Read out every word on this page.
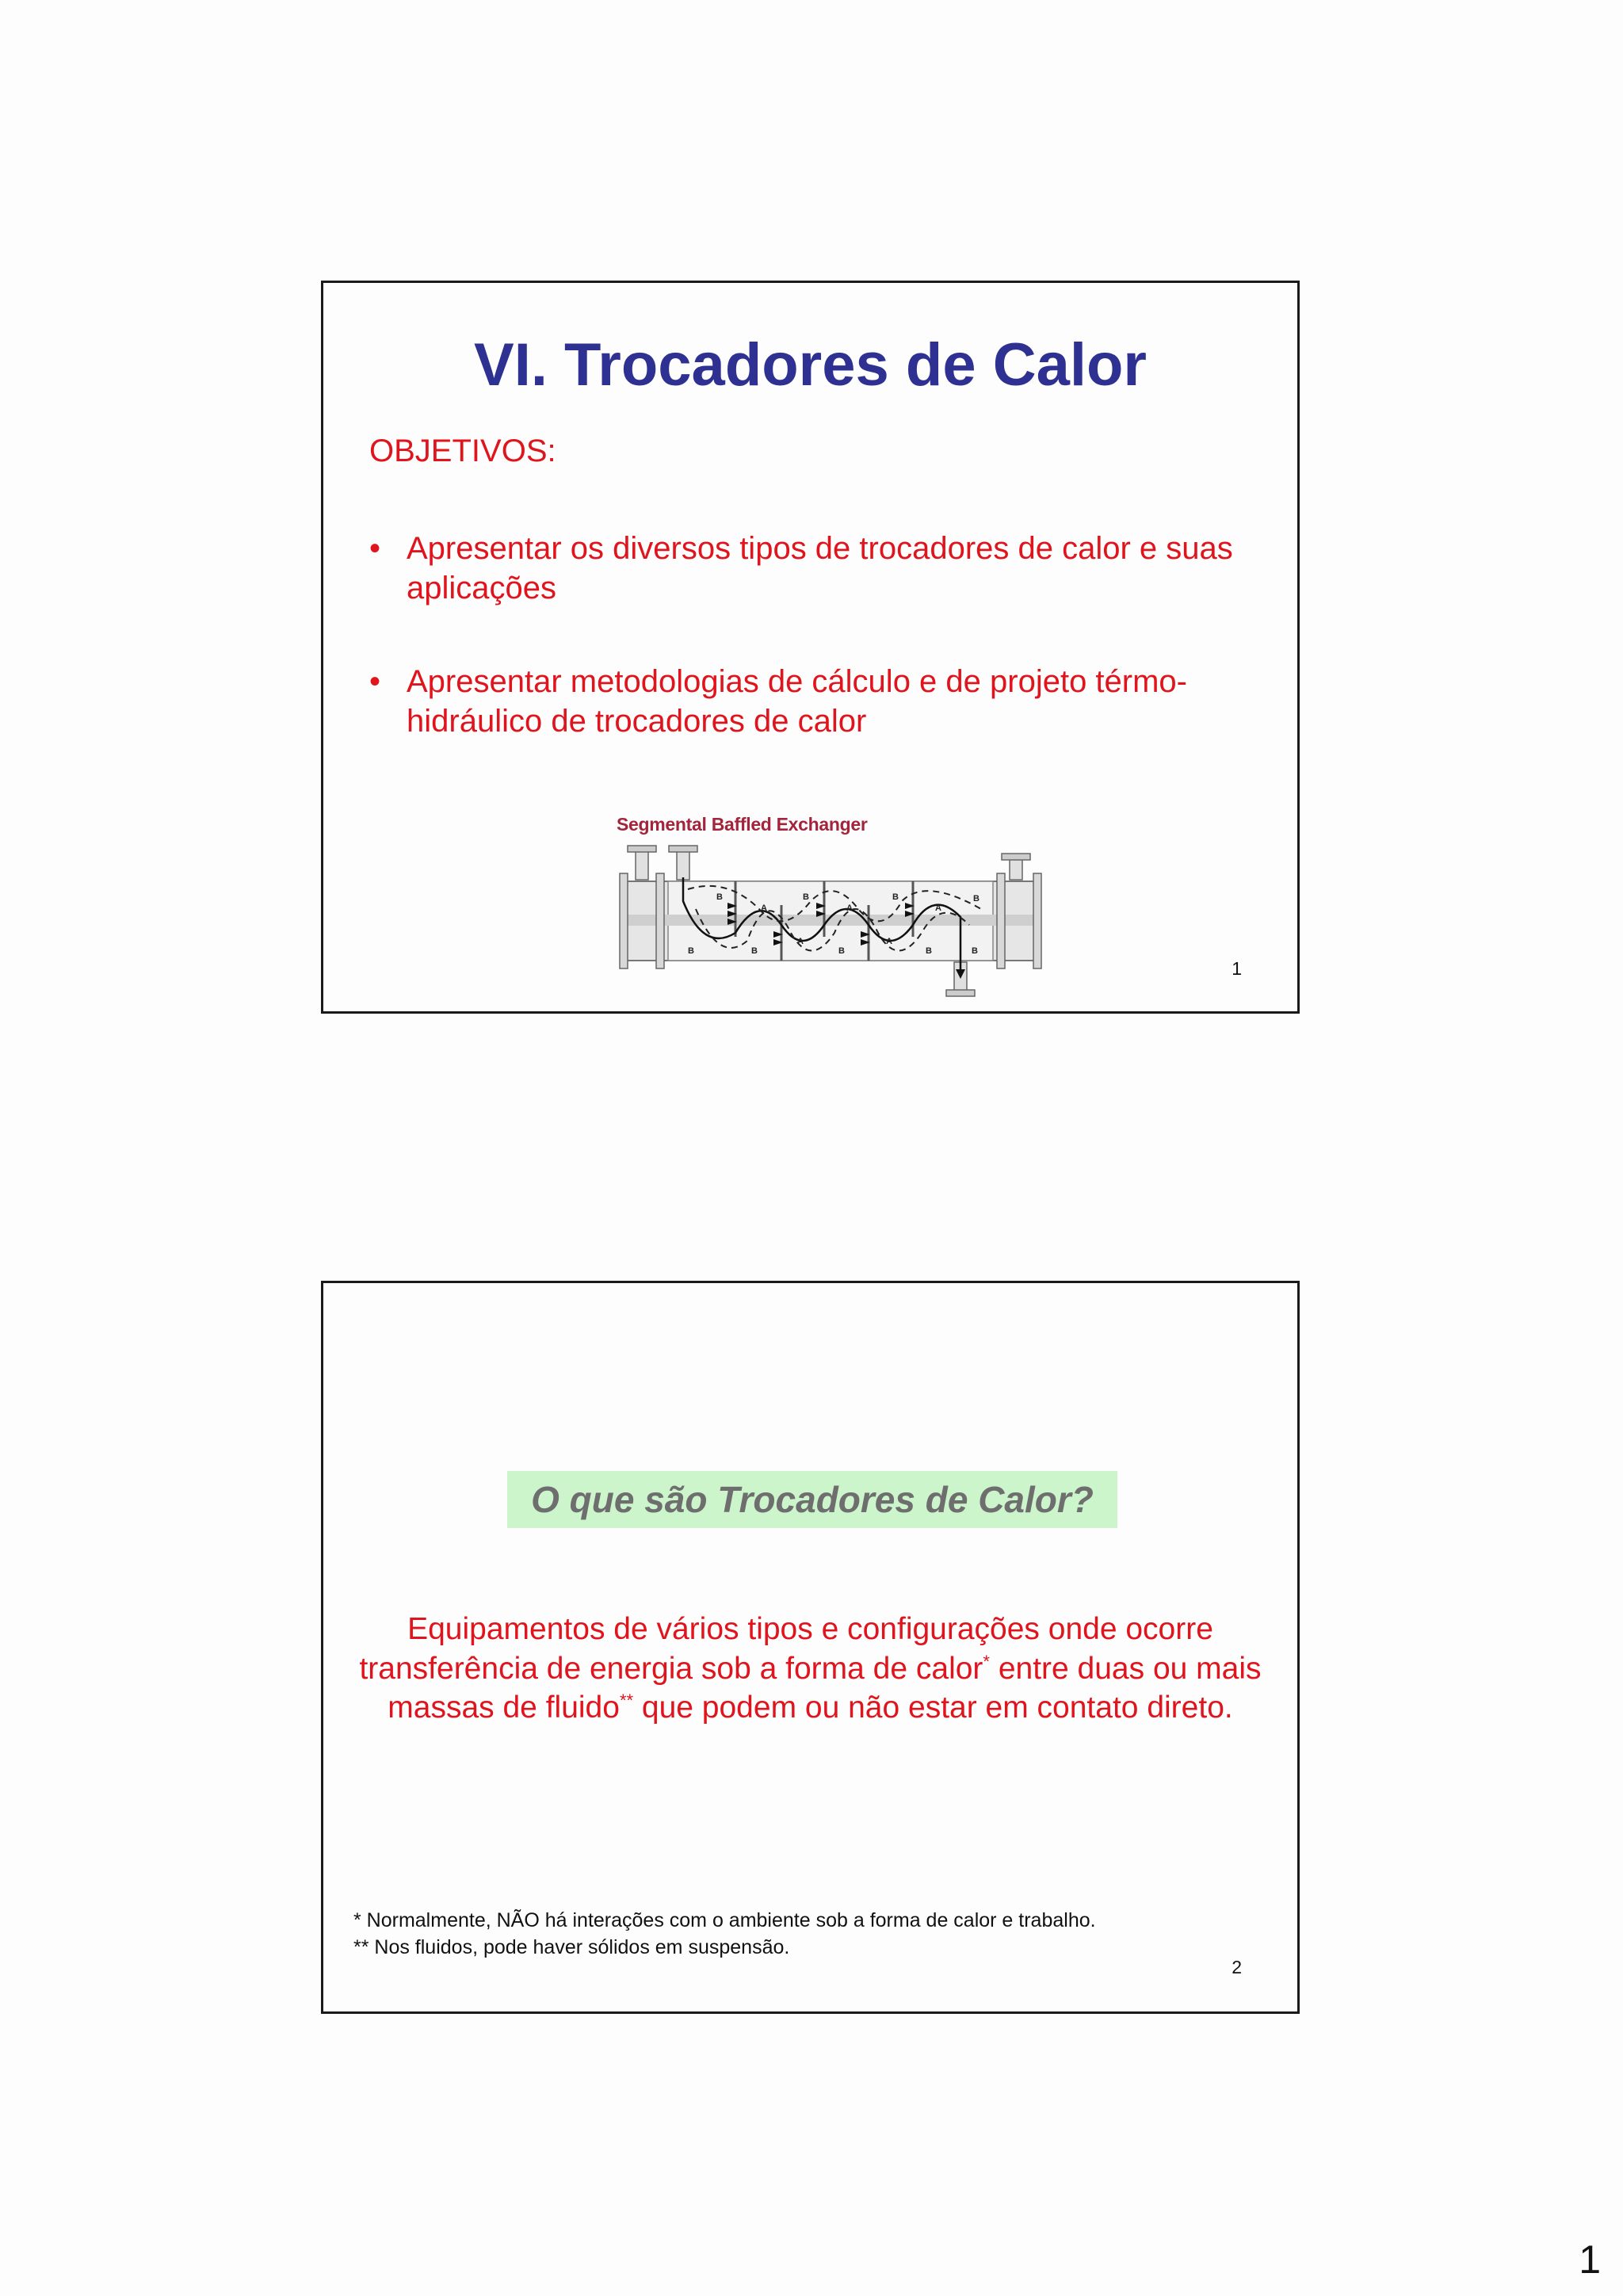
VI. Trocadores de Calor
OBJETIVOS:
• Apresentar os diversos tipos de trocadores de calor e suas aplicações
• Apresentar metodologias de cálculo e de projeto térmo-hidráulico de trocadores de calor
Segmental Baffled Exchanger
B
A
B
A
B
A
B
B	B
A
B
A
B	B
1
O que são Trocadores de Calor?
Equipamentos de vários tipos e configurações onde ocorre transferência de energia sob a forma de calor* entre duas ou mais massas de fluido** que podem ou não estar em contato direto.
* Normalmente, NÃO há interações com o ambiente sob a forma de calor e trabalho.
** Nos fluidos, pode haver sólidos em suspensão.
2
1
